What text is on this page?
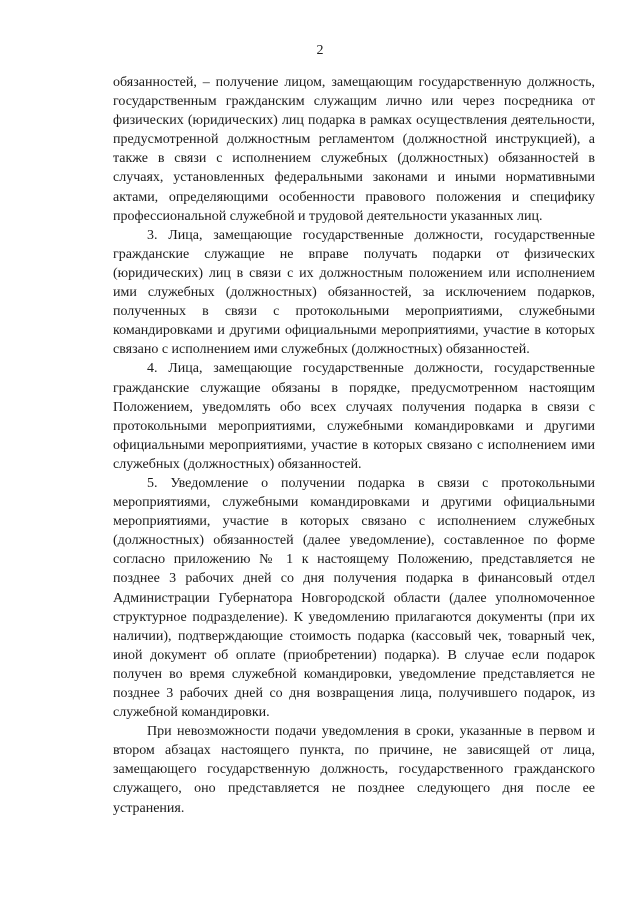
2

обязанностей, – получение лицом, замещающим государственную должность, государственным гражданским служащим лично или через посредника от физических (юридических) лиц подарка в рамках осуществления деятельности, предусмотренной должностным регламентом (должностной инструкцией), а также в связи с исполнением служебных (должностных) обязанностей в случаях, установленных федеральными законами и иными нормативными актами, определяющими особенности правового положения и специфику профессиональной служебной и трудовой деятельности указанных лиц.

3. Лица, замещающие государственные должности, государственные гражданские служащие не вправе получать подарки от физических (юридических) лиц в связи с их должностным положением или исполнением ими служебных (должностных) обязанностей, за исключением подарков, полученных в связи с протокольными мероприятиями, служебными командировками и другими официальными мероприятиями, участие в которых связано с исполнением ими служебных (должностных) обязанностей.

4. Лица, замещающие государственные должности, государственные гражданские служащие обязаны в порядке, предусмотренном настоящим Положением, уведомлять обо всех случаях получения подарка в связи с протокольными мероприятиями, служебными командировками и другими официальными мероприятиями, участие в которых связано с исполнением ими служебных (должностных) обязанностей.

5. Уведомление о получении подарка в связи с протокольными мероприятиями, служебными командировками и другими официальными мероприятиями, участие в которых связано с исполнением служебных (должностных) обязанностей (далее уведомление), составленное по форме согласно приложению № 1 к настоящему Положению, представляется не позднее 3 рабочих дней со дня получения подарка в финансовый отдел Администрации Губернатора Новгородской области (далее уполномоченное структурное подразделение). К уведомлению прилагаются документы (при их наличии), подтверждающие стоимость подарка (кассовый чек, товарный чек, иной документ об оплате (приобретении) подарка). В случае если подарок получен во время служебной командировки, уведомление представляется не позднее 3 рабочих дней со дня возвращения лица, получившего подарок, из служебной командировки.

При невозможности подачи уведомления в сроки, указанные в первом и втором абзацах настоящего пункта, по причине, не зависящей от лица, замещающего государственную должность, государственного гражданского служащего, оно представляется не позднее следующего дня после ее устранения.
